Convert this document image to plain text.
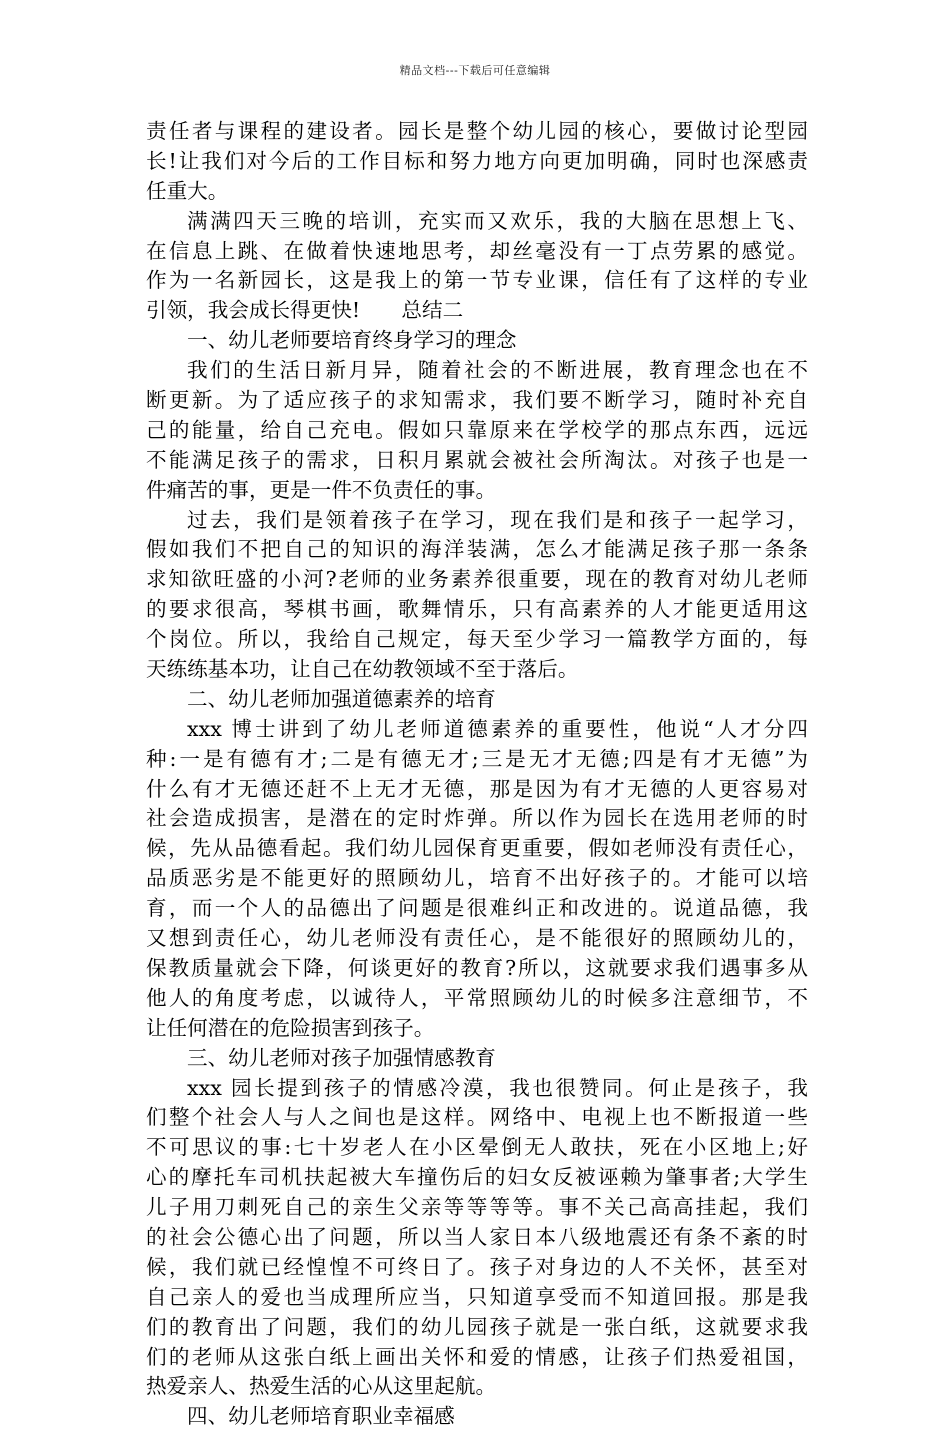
精品文档---下载后可任意编辑
责任者与课程的建设者。园长是整个幼儿园的核心，要做讨论型园
长!让我们对今后的工作目标和努力地方向更加明确，同时也深感责
任重大。
满满四天三晚的培训，充实而又欢乐，我的大脑在思想上飞、
在信息上跳、在做着快速地思考，却丝毫没有一丁点劳累的感觉。
作为一名新园长，这是我上的第一节专业课，信任有了这样的专业
引领，我会成长得更快!　　总结二
一、幼儿老师要培育终身学习的理念
我们的生活日新月异，随着社会的不断进展，教育理念也在不
断更新。为了适应孩子的求知需求，我们要不断学习，随时补充自
己的能量，给自己充电。假如只靠原来在学校学的那点东西，远远
不能满足孩子的需求，日积月累就会被社会所淘汰。对孩子也是一
件痛苦的事，更是一件不负责任的事。
过去，我们是领着孩子在学习，现在我们是和孩子一起学习，
假如我们不把自己的知识的海洋装满，怎么才能满足孩子那一条条
求知欲旺盛的小河?老师的业务素养很重要，现在的教育对幼儿老师
的要求很高，琴棋书画，歌舞情乐，只有高素养的人才能更适用这
个岗位。所以，我给自己规定，每天至少学习一篇教学方面的，每
天练练基本功，让自己在幼教领域不至于落后。
二、幼儿老师加强道德素养的培育
xxx 博士讲到了幼儿老师道德素养的重要性，他说“人才分四
种:一是有德有才;二是有德无才;三是无才无德;四是有才无德”为
什么有才无德还赶不上无才无德，那是因为有才无德的人更容易对
社会造成损害，是潜在的定时炸弹。所以作为园长在选用老师的时
候，先从品德看起。我们幼儿园保育更重要，假如老师没有责任心，
品质恶劣是不能更好的照顾幼儿，培育不出好孩子的。才能可以培
育，而一个人的品德出了问题是很难纠正和改进的。说道品德，我
又想到责任心，幼儿老师没有责任心，是不能很好的照顾幼儿的，
保教质量就会下降，何谈更好的教育?所以，这就要求我们遇事多从
他人的角度考虑，以诚待人，平常照顾幼儿的时候多注意细节，不
让任何潜在的危险损害到孩子。
三、幼儿老师对孩子加强情感教育
xxx 园长提到孩子的情感冷漠，我也很赞同。何止是孩子，我
们整个社会人与人之间也是这样。网络中、电视上也不断报道一些
不可思议的事:七十岁老人在小区晕倒无人敢扶，死在小区地上;好
心的摩托车司机扶起被大车撞伤后的妇女反被诬赖为肇事者;大学生
儿子用刀刺死自己的亲生父亲等等等等。事不关己高高挂起，我们
的社会公德心出了问题，所以当人家日本八级地震还有条不紊的时
候，我们就已经惶惶不可终日了。孩子对身边的人不关怀，甚至对
自己亲人的爱也当成理所应当，只知道享受而不知道回报。那是我
们的教育出了问题，我们的幼儿园孩子就是一张白纸，这就要求我
们的老师从这张白纸上画出关怀和爱的情感，让孩子们热爱祖国，
热爱亲人、热爱生活的心从这里起航。
四、幼儿老师培育职业幸福感
